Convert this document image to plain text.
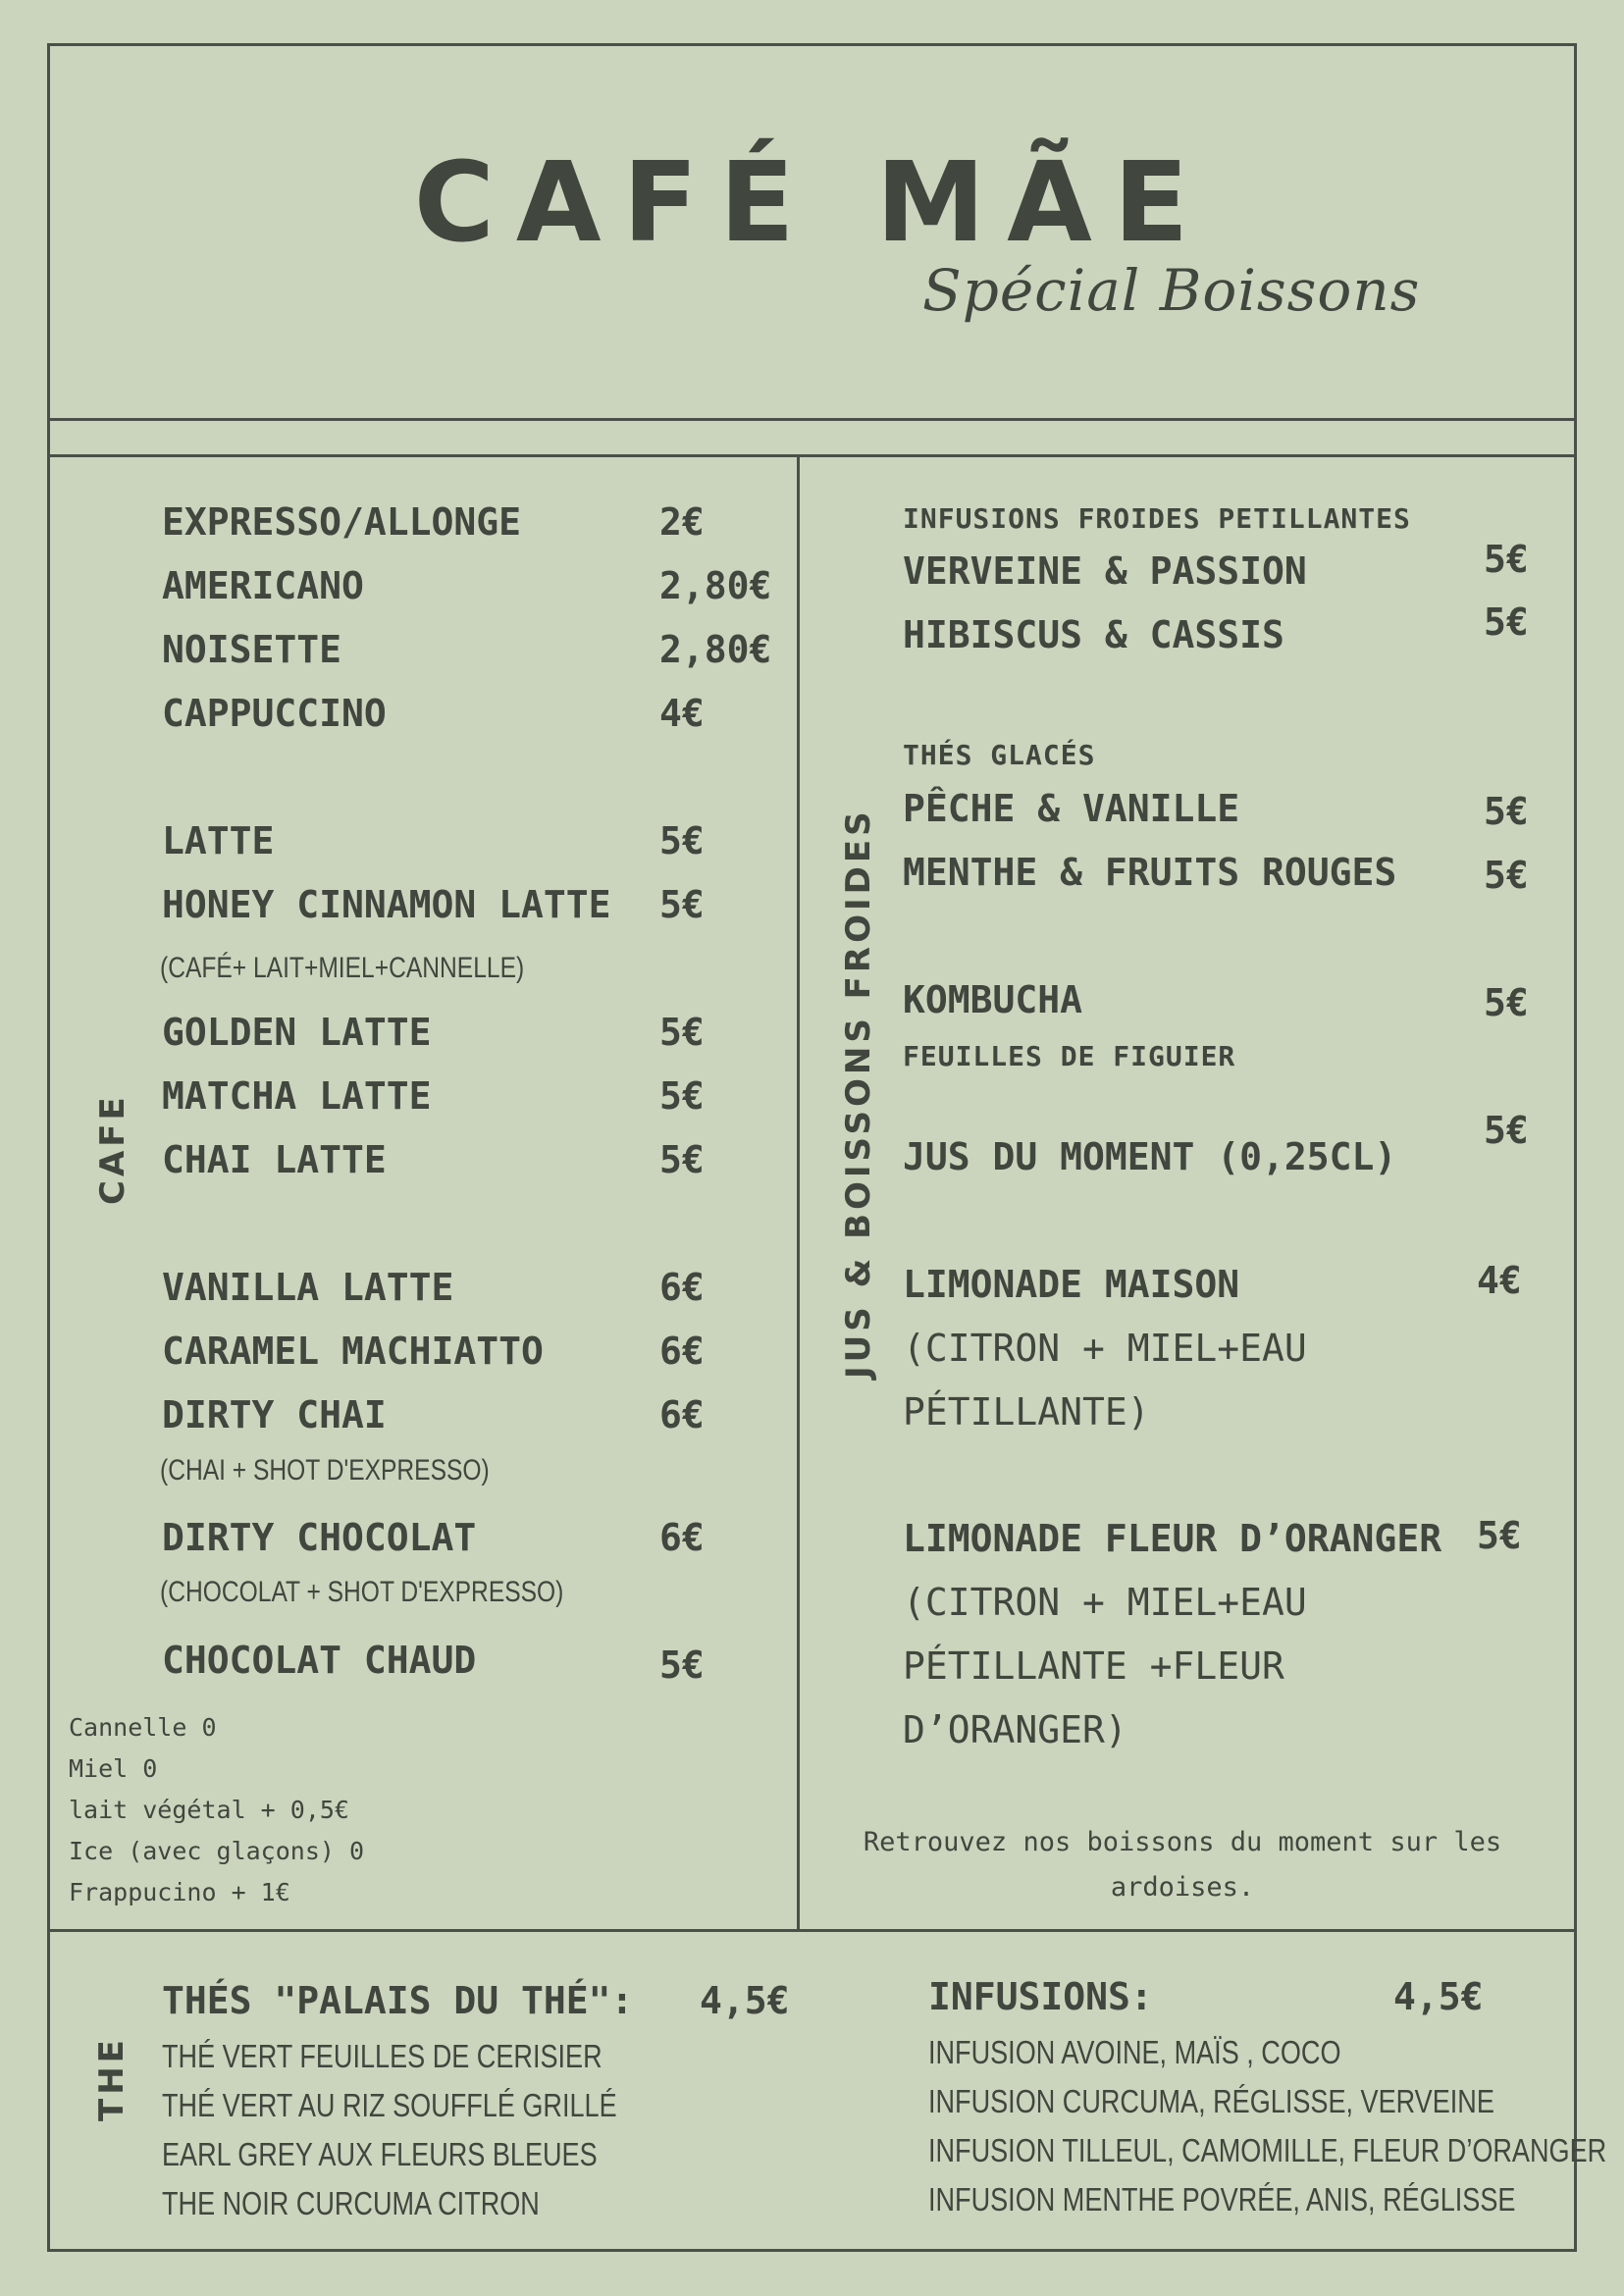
CAFÉ MÃE
Spécial Boissons
CAFE
EXPRESSO/ALLONGE	2€
AMERICANO	2,80€
NOISETTE	2,80€
CAPPUCCINO	4€
LATTE	5€
HONEY CINNAMON LATTE 5€
(CAFÉ+ LAIT+MIEL+CANNELLE)
GOLDEN LATTE	5€
MATCHA LATTE	5€
CHAI LATTE	5€
VANILLA LATTE	6€
CARAMEL MACHIATTO	6€
DIRTY CHAI	6€
(CHAI + SHOT D'EXPRESSO)
DIRTY CHOCOLAT	6€
(CHOCOLAT + SHOT D'EXPRESSO)
CHOCOLAT CHAUD	5€
Cannelle 0
Miel 0
lait végétal + 0,5€
Ice (avec glaçons) 0
Frappucino + 1€
JUS & BOISSONS FROIDES
INFUSIONS FROIDES PETILLANTES
VERVEINE & PASSION	5€
HIBISCUS & CASSIS	5€
THÉS GLACÉS
PÊCHE & VANILLE	5€
MENTHE & FRUITS ROUGES 5€
KOMBUCHA	5€
FEUILLES DE FIGUIER
JUS DU MOMENT (0,25CL)
5€
LIMONADE MAISON	4€
(CITRON + MIEL+EAU
PÉTILLANTE)
LIMONADE FLEUR D’ORANGER 5€
(CITRON + MIEL+EAU
PÉTILLANTE +FLEUR
D’ORANGER)
Retrouvez nos boissons du moment sur les ardoises.
THE
THÉS "PALAIS DU THÉ": 4,5€
THÉ VERT FEUILLES DE CERISIER
THÉ VERT AU RIZ SOUFFLÉ GRILLÉ
EARL GREY AUX FLEURS BLEUES
THE NOIR CURCUMA CITRON
INFUSIONS:	4,5€
INFUSION AVOINE, MAÏS , COCO
INFUSION CURCUMA, RÉGLISSE, VERVEINE
INFUSION TILLEUL, CAMOMILLE, FLEUR D’ORANGER
INFUSION MENTHE POVRÉE, ANIS, RÉGLISSE
